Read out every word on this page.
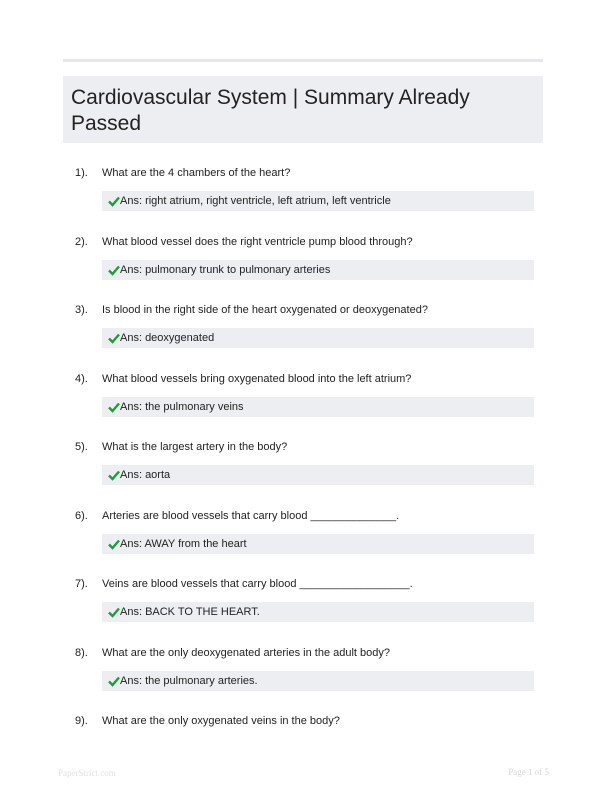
Cardiovascular System | Summary Already Passed
1). What are the 4 chambers of the heart?
Ans: right atrium, right ventricle, left atrium, left ventricle
2). What blood vessel does the right ventricle pump blood through?
Ans: pulmonary trunk to pulmonary arteries
3). Is blood in the right side of the heart oxygenated or deoxygenated?
Ans: deoxygenated
4). What blood vessels bring oxygenated blood into the left atrium?
Ans: the pulmonary veins
5). What is the largest artery in the body?
Ans: aorta
6). Arteries are blood vessels that carry blood ______________.
Ans: AWAY from the heart
7). Veins are blood vessels that carry blood __________________.
Ans: BACK TO THE HEART.
8). What are the only deoxygenated arteries in the adult body?
Ans: the pulmonary arteries.
9). What are the only oxygenated veins in the body?
PaperStrict.com	Page 1 of 5
